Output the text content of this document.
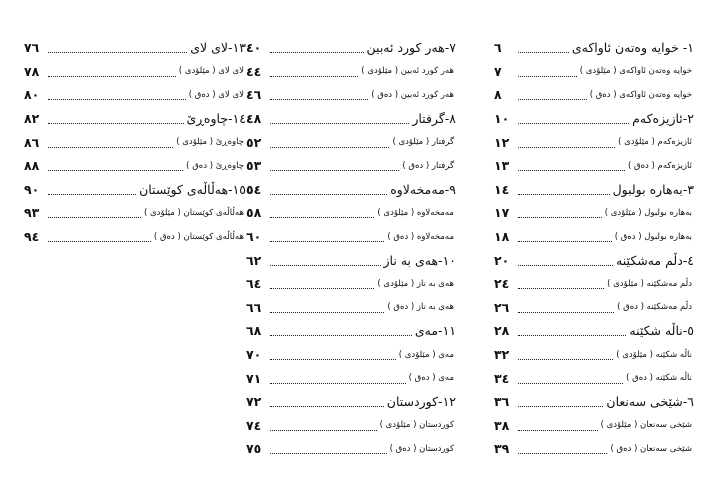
١- خوایه وەتەن ئاواکەی
٦
خوایه وەتەن ئاواکەی ( مێلۆدی )
٧
خوایه وەتەن ئاواکەی ( دەق )
٨
٢-ئازیزەکەم
١٠
ئازیزەکەم ( مێلۆدی )
١٢
ئازیزەکەم ( دەق )
١٣
٣-بەهارە بولبول
١٤
بەهارە بولبول ( مێلۆدی )
١٧
بەهارە بولبول ( دەق )
١٨
٤-دڵم مەشکێنە
٢٠
دڵم مەشکێنە ( مێلۆدی )
٢٤
دڵم مەشکێنە ( دەق )
٢٦
٥-ناڵە شکێنە
٢٨
ناڵە شکێنە ( مێلۆدی )
٣٢
ناڵە شکێنە ( دەق )
٣٤
٦-شێخی سەنعان
٣٦
شێخی سەنعان ( مێلۆدی )
٣٨
شێخی سەنعان ( دەق )
٣٩
٧-هەر کورد ئەبین
٤٠
هەر کورد ئەبین ( مێلۆدی )
٤٤
هەر کورد ئەبین ( دەق )
٤٦
٨-گرفتار
٤٨
گرفتار ( مێلۆدی )
٥٢
گرفتار ( دەق )
٥٣
٩-مەمخەلاوە
٥٤
مەمخەلاوە ( مێلۆدی )
٥٨
مەمخەلاوە ( دەق )
٦٠
١٠-هەی بە ناز
٦٢
هەی بە ناز ( مێلۆدی )
٦٤
هەی بە ناز ( دەق )
٦٦
١١-مەی
٦٨
مەی ( مێلۆدی )
٧٠
مەی ( دەق )
٧١
١٢-کوردستان
٧٢
کوردستان ( مێلۆدی )
٧٤
کوردستان ( دەق )
٧٥
١٣-لای لای
٧٦
لای لای ( مێلۆدی )
٧٨
لای لای ( دەق )
٨٠
١٤-چاوەڕێ
٨٢
چاوەڕێ ( مێلۆدی )
٨٦
چاوەڕێ ( دەق )
٨٨
١٥-هەڵاڵەی کوێستان
٩٠
هەڵاڵەی کوێستان ( مێلۆدی )
٩٣
هەڵاڵەی کوێستان ( دەق )
٩٤
